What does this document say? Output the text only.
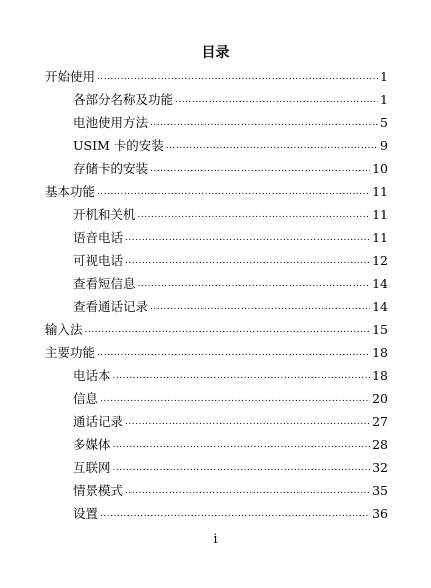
目录
开始使用 .....	1
各部分名称及功能 .....	1
电池使用方法 .....	5
USIM 卡的安装 .....	9
存储卡的安装 .....	10
基本功能 .....	11
开机和关机 .....	11
语音电话 .....	11
可视电话 .....	12
查看短信息 .....	14
查看通话记录 .....	14
输入法 .....	15
主要功能 .....	18
电话本 .....	18
信息 .....	20
通话记录 .....	27
多媒体 .....	28
互联网 .....	32
情景模式 .....	35
设置 .....	36
i
